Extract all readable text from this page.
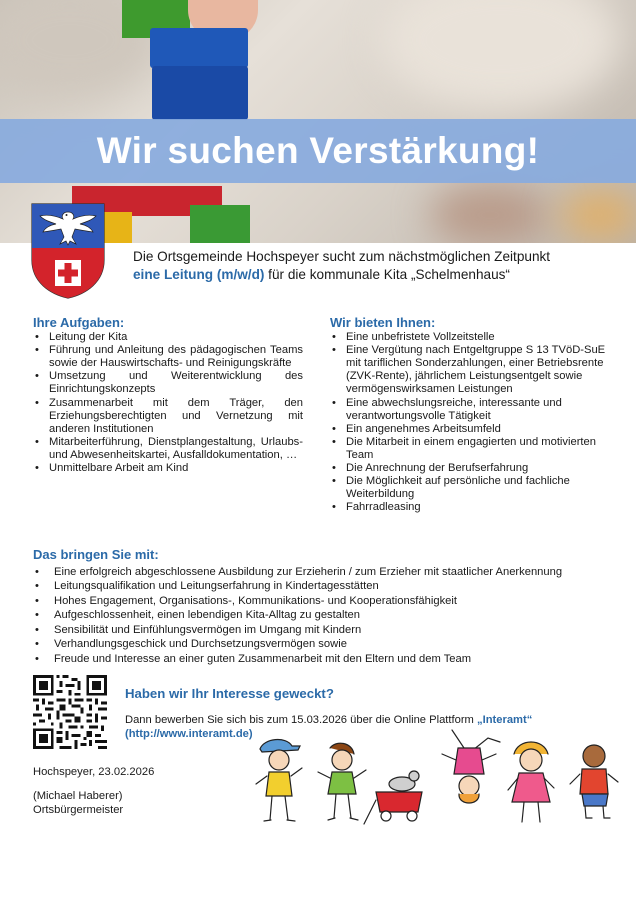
Wir suchen Verstärkung!
Die Ortsgemeinde Hochspeyer sucht zum nächstmöglichen Zeitpunkt
eine Leitung (m/w/d) für die kommunale Kita „Schelmenhaus“
Ihre Aufgaben:
• Leitung der Kita
• Führung und Anleitung des pädagogischen Teams sowie der Hauswirtschafts- und Reinigungskräfte
• Umsetzung und Weiterentwicklung des Einrichtungskonzepts
• Zusammenarbeit mit dem Träger, den Erziehungsberechtigten und Vernetzung mit anderen Institutionen
• Mitarbeiterführung, Dienstplangestaltung, Urlaubs- und Abwesenheitskartei, Ausfalldokumentation, …
• Unmittelbare Arbeit am Kind
Wir bieten Ihnen:
• Eine unbefristete Vollzeitstelle
• Eine Vergütung nach Entgeltgruppe S 13 TVöD-SuE mit tariflichen Sonderzahlungen, einer Betriebsrente (ZVK-Rente), jährlichem Leistungsentgelt sowie vermögenswirksamen Leistungen
• Eine abwechslungsreiche, interessante und verantwortungsvolle Tätigkeit
• Ein angenehmes Arbeitsumfeld
• Die Mitarbeit in einem engagierten und motivierten Team
• Die Anrechnung der Berufserfahrung
• Die Möglichkeit auf persönliche und fachliche Weiterbildung
• Fahrradleasing
Das bringen Sie mit:
• Eine erfolgreich abgeschlossene Ausbildung zur Erzieherin / zum Erzieher mit staatlicher Anerkennung
• Leitungsqualifikation und Leitungserfahrung in Kindertagesstätten
• Hohes Engagement, Organisations-, Kommunikations- und Kooperationsfähigkeit
• Aufgeschlossenheit, einen lebendigen Kita-Alltag zu gestalten
• Sensibilität und Einfühlungsvermögen im Umgang mit Kindern
• Verhandlungsgeschick und Durchsetzungsvermögen sowie
• Freude und Interesse an einer guten Zusammenarbeit mit den Eltern und dem Team
Haben wir Ihr Interesse geweckt?

Dann bewerben Sie sich bis zum 15.03.2026 über die Online Plattform „Interamt“
(http://www.interamt.de)

Hochspeyer, 23.02.2026
(Michael Haberer)
Ortsbürgermeister
